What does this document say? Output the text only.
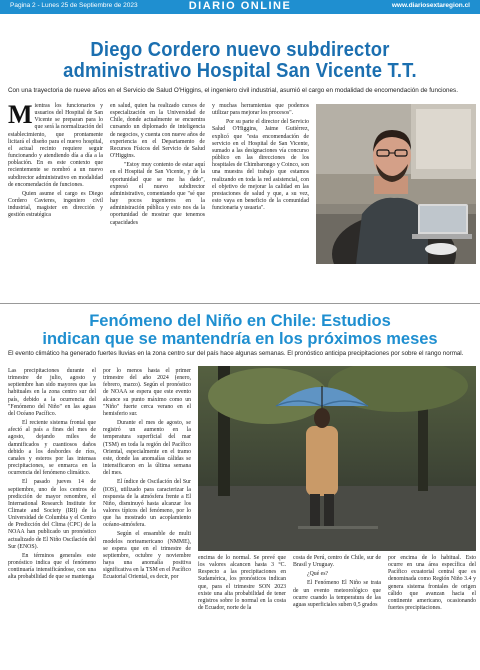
Pagina 2 - Lunes 25 de Septiembre de 2023	DIARIO ONLINE	www.diariosextaregion.cl
Diego Cordero nuevo subdirector
administrativo Hospital San Vicente T.T.
Con una trayectoria de nueve años en el Servicio de Salud O'Higgins, el ingeniero civil industrial, asumió el cargo en modalidad de encomendación de funciones.
Mientras los funcionarios y usuarios del Hospital de San Vicente se preparan para lo que será la normalización del establecimiento, que prontamente licitará el diseño para el nuevo hospital, el actual recinto requiere seguir funcionando y atendiendo día a día a la población. En es este contexto que recientemente se nombró a un nuevo subdirector administrativo en modalidad de encomendación de funciones.
Quien asume el cargo es Diego Cordero Cavieres, ingeniero civil industrial, magister en dirección y gestión estratégica
en salud, quien ha realizado cursos de especialización en la Universidad de Chile, donde actualmente se encuentra cursando un diplomado de inteligencia de negocios, y cuenta con nueve años de experiencia en el Departamento de Recursos Físicos del Servicio de Salud O'Higgins.
"Estoy muy contento de estar aquí en el Hospital de San Vicente, y de la oportunidad que se me ha dado", expresó el nuevo subdirector administrativo, comentando que "sé que hay pocos ingenieros en la administración pública y esto nos da la oportunidad de mostrar que tenemos capacidades
y muchas herramientas que podemos utilizar para mejorar los procesos".
Por su parte el director del Servicio Salud O'Higgins, Jaime Gutiérrez, explicó que "esta encomendación de servicio en el Hospital de San Vicente, sumado a las designaciones vía concurso público en las direcciones de los hospitales de Chimbarongo y Coinco, son una muestra del trabajo que estamos realizando en toda la red asistencial, con el objetivo de mejorar la calidad en las prestaciones de salud y que, a su vez, esto vaya en beneficio de la comunidad funcionaria y usuaria".
Fenómeno del Niño en Chile: Estudios
indican que se mantendría en los próximos meses
El evento climático ha generado fuertes lluvias en la zona centro sur del país hace algunas semanas. El pronóstico anticipa precipitaciones por sobre el rango normal.
Las precipitaciones durante el trimestre de julio, agosto y septiembre han sido mayores que las habituales en la zona centro sur del país, debido a la ocurrencia del "Fenómeno del Niño" en las aguas del Océano Pacífico.
El reciente sistema frontal que afectó al país a fines del mes de agosto, dejando miles de damnificados y cuantiosos daños debido a los desbordes de ríos, canales y esteros por las intensas precipitaciones, se enmarca en la ocurrencia del fenómeno climático.
El pasado jueves 14 de septiembre, uno de los centros de predicción de mayor renombre, el International Research Institute for Climate and Society (IRI) de la Universidad de Columbia y el Centro de Predicción del Clima (CPC) de la NOAA han publicado un pronóstico actualizado de El Niño Oscilación del Sur (ENOS).
En términos generales este pronóstico indica que el fenómeno continuaría intensificándose, con una alta probabilidad de que se mantenga
por lo menos hasta el primer trimestre del año 2024 (enero, febrero, marzo). Según el pronóstico de NOAA se espera que este evento alcance su punto máximo como un "Niño" fuerte cerca verano en el hemisferio sur.
Durante el mes de agosto, se registró un aumento en la temperatura superficial del mar (TSM) en toda la región del Pacífico Oriental, especialmente en el tramo este, donde las anomalías cálidas se intensificaron en la última semana del mes.
El índice de Oscilación del Sur (IOS), utilizado para caracterizar la respuesta de la atmósfera frente a El Niño, disminuyó hasta alcanzar los valores típicos del fenómeno, por lo que ha mostrado un acoplamiento océano-atmósfera.
Según el ensamble de multi modelos norteamericano (NMME), se espera que en el trimestre de septiembre, octubre y noviembre haya una anomalía positiva significativa en la TSM en el Pacífico Ecuatorial Oriental, es decir, por
encima de lo normal. Se prevé que los valores alcancen hasta 3 °C. Respecto a las precipitaciones en Sudamérica, los pronósticos indican que, para el trimestre SON 2023 existe una alta probabilidad de tener registros sobre lo normal en la costa de Ecuador, norte de la
costa de Perú, centro de Chile, sur de Brasil y Uruguay.
¿Qué es?
El Fenómeno El Niño se trata de un evento meteorológico que ocurre cuando la temperatura de las aguas superficiales suben 0,5 grados
por encima de lo habitual. Esto ocurre en una área específica del Pacífico ecuatorial central que es denominada como Región Niño 3.4 y genera sistema frontales de origen cálido que avanzan hacia el continente americano, ocasionando fuertes precipitaciones.
